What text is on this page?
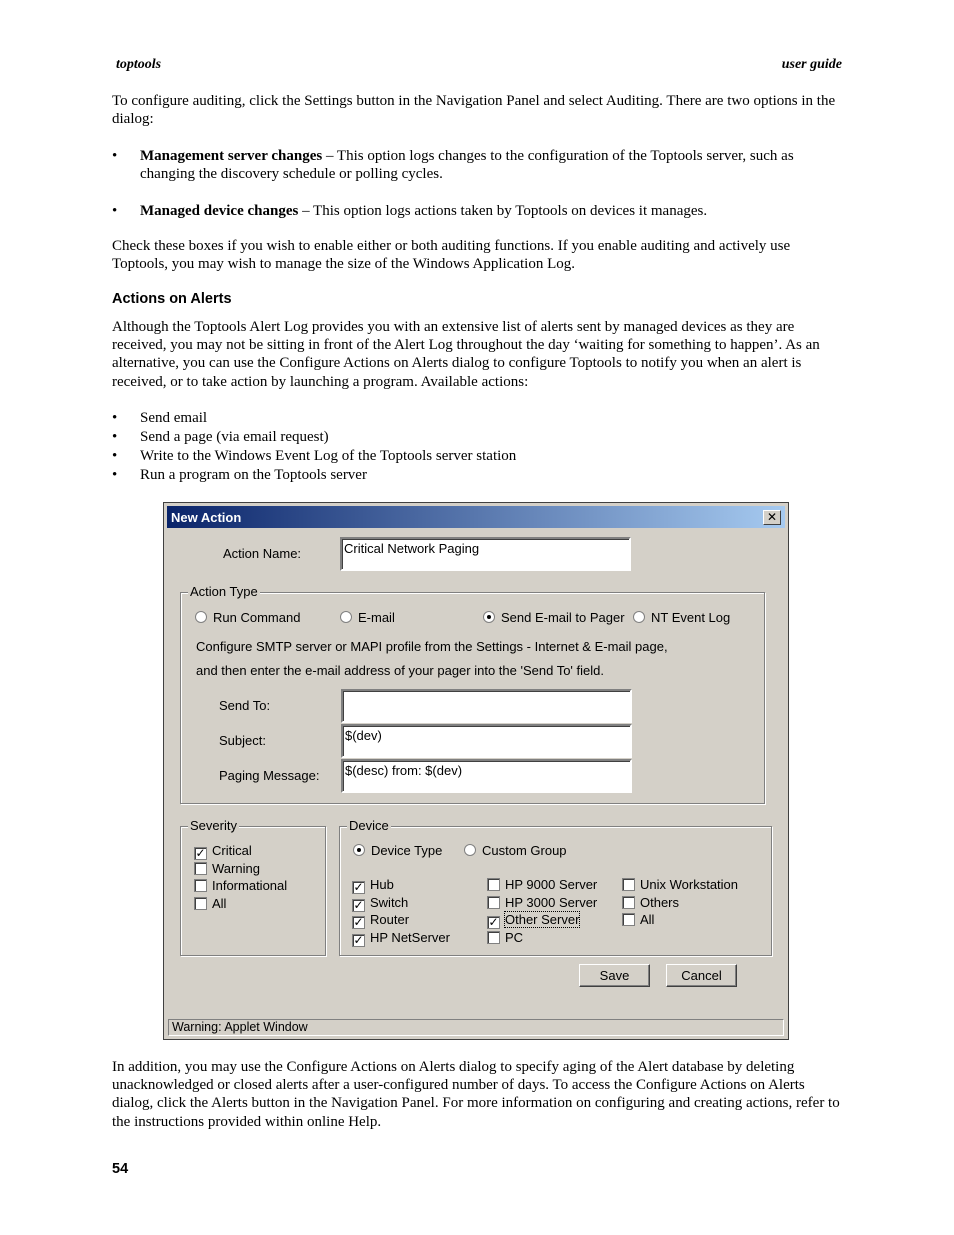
toptools	user guide
To configure auditing, click the Settings button in the Navigation Panel and select Auditing. There are two options in the dialog:
•	Management server changes – This option logs changes to the configuration of the Toptools server, such as changing the discovery schedule or polling cycles.
•	Managed device changes – This option logs actions taken by Toptools on devices it manages.
Check these boxes if you wish to enable either or both auditing functions. If you enable auditing and actively use Toptools, you may wish to manage the size of the Windows Application Log.
Actions on Alerts
Although the Toptools Alert Log provides you with an extensive list of alerts sent by managed devices as they are received, you may not be sitting in front of the Alert Log throughout the day ‘waiting for something to happen’. As an alternative, you can use the Configure Actions on Alerts dialog to configure Toptools to notify you when an alert is received, or to take action by launching a program. Available actions:
•	Send email
•	Send a page (via email request)
•	Write to the Windows Event Log of the Toptools server station
•	Run a program on the Toptools server
New Action	✕
Action Name:	Critical Network Paging
Action Type
Run Command	E-mail	Send E-mail to Pager	NT Event Log
Configure SMTP server or MAPI profile from the Settings - Internet & E-mail page,
and then enter the e-mail address of your pager into the 'Send To' field.
Send To:
Subject:	$(dev)
Paging Message:	$(desc) from: $(dev)
Severity
✓ Critical
Warning
Informational
All
Device
Device Type	Custom Group
✓ Hub
✓ Switch
✓ Router
✓ HP NetServer
HP 9000 Server
HP 3000 Server
✓ Other Server
PC
Unix Workstation
Others
All
Save	Cancel
Warning: Applet Window
In addition, you may use the Configure Actions on Alerts dialog to specify aging of the Alert database by deleting unacknowledged or closed alerts after a user-configured number of days. To access the Configure Actions on Alerts dialog, click the Alerts button in the Navigation Panel. For more information on configuring and creating actions, refer to the instructions provided within online Help.
54
